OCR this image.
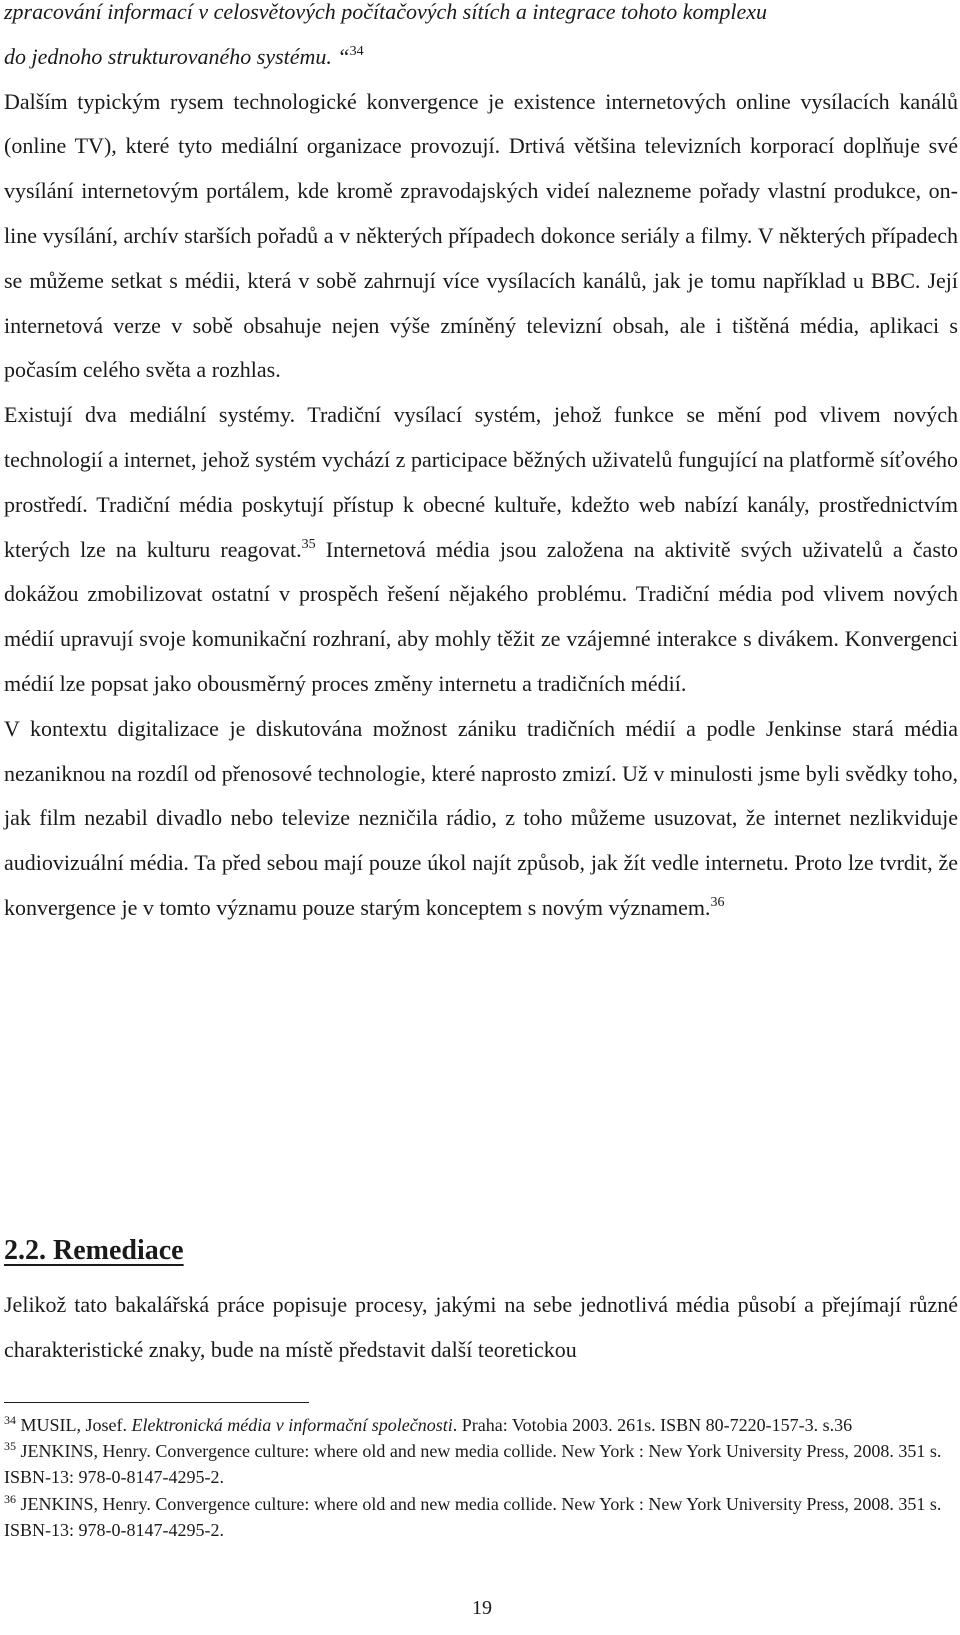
zpracování informací v celosvětových počítačových sítích a integrace tohoto komplexu
do jednoho strukturovaného systému. “$^{34}$

Dalším typickým rysem technologické konvergence je existence internetových online vysílacích kanálů (online TV), které tyto mediální organizace provozují. Drtivá většina televizních korporací doplňuje své vysílání internetovým portálem, kde kromě zpravodajských videí nalezneme pořady vlastní produkce, on-line vysílání, archív starších pořadů a v některých případech dokonce seriály a filmy. V některých případech se můžeme setkat s médii, která v sobě zahrnují více vysílacích kanálů, jak je tomu například u BBC. Její internetová verze v sobě obsahuje nejen výše zmíněný televizní obsah, ale i tištěná média, aplikaci s počasím celého světa a rozhlas.

Existují dva mediální systémy. Tradiční vysílací systém, jehož funkce se mění pod vlivem nových technologií a internet, jehož systém vychází z participace běžných uživatelů fungující na platformě síťového prostředí. Tradiční média poskytují přístup k obecné kultuře, kdežto web nabízí kanály, prostřednictvím kterých lze na kulturu reagovat.$^{35}$ Internetová média jsou založena na aktivitě svých uživatelů a často dokážou zmobilizovat ostatní v prospěch řešení nějakého problému. Tradiční média pod vlivem nových médií upravují svoje komunikační rozhraní, aby mohly těžit ze vzájemné interakce s divákem. Konvergenci médií lze popsat jako obousměrný proces změny internetu a tradičních médií.

V kontextu digitalizace je diskutována možnost zániku tradičních médií a podle Jenkinse stará média nezaniknou na rozdíl od přenosové technologie, které naprosto zmizí. Už v minulosti jsme byli svědky toho, jak film nezabil divadlo nebo televize nezničila rádio, z toho můžeme usuzovat, že internet nezlikviduje audiovizuální média. Ta před sebou mají pouze úkol najít způsob, jak žít vedle internetu. Proto lze tvrdit, že konvergence je v tomto významu pouze starým konceptem s novým významem.$^{36}$

2.2. Remediace

Jelikož tato bakalářská práce popisuje procesy, jakými na sebe jednotlivá média působí a přejímají různé charakteristické znaky, bude na místě představit další teoretickou

$^{34}$ MUSIL, Josef. Elektronická média v informační společnosti. Praha: Votobia 2003. 261s. ISBN 80-7220-157-3. s.36

$^{35}$ JENKINS, Henry. Convergence culture: where old and new media collide. New York : New York University Press, 2008. 351 s. ISBN-13: 978-0-8147-4295-2.

$^{36}$ JENKINS, Henry. Convergence culture: where old and new media collide. New York : New York University Press, 2008. 351 s. ISBN-13: 978-0-8147-4295-2.

19
